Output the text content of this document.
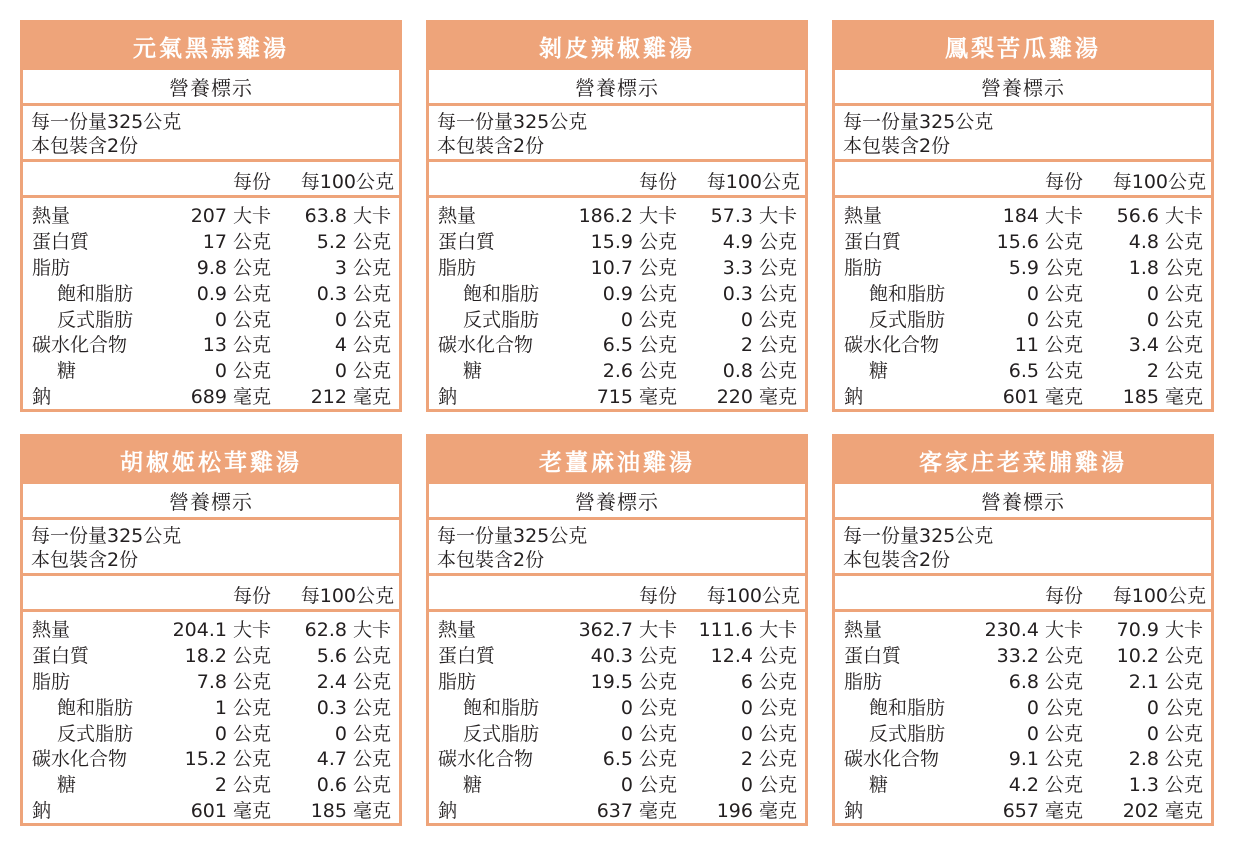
元氣黑蒜雞湯
營養標示
每一份量325公克
本包裝含2份
每份 每100公克
熱量	207 大卡 63.8 大卡
蛋白質	17 公克 5.2 公克
脂肪	9.8 公克	3 公克
飽和脂肪	0.9 公克 0.3 公克
反式脂肪	0 公克	0 公克
碳水化合物	13 公克	4 公克
糖	0 公克	0 公克
鈉	689 毫克 212 毫克
剝皮辣椒雞湯
營養標示
每一份量325公克
本包裝含2份
每份 每100公克
熱量	186.2 大卡 57.3 大卡
蛋白質	15.9 公克 4.9 公克
脂肪	10.7 公克 3.3 公克
飽和脂肪	0.9 公克 0.3 公克
反式脂肪	0 公克	0 公克
碳水化合物	6.5 公克	2 公克
糖	2.6 公克 0.8 公克
鈉	715 毫克 220 毫克
鳳梨苦瓜雞湯
營養標示
每一份量325公克
本包裝含2份
每份 每100公克
熱量	184 大卡 56.6 大卡
蛋白質	15.6 公克 4.8 公克
脂肪	5.9 公克 1.8 公克
飽和脂肪	0 公克	0 公克
反式脂肪	0 公克	0 公克
碳水化合物	11 公克 3.4 公克
糖	6.5 公克	2 公克
鈉	601 毫克 185 毫克
胡椒姬松茸雞湯
營養標示
每一份量325公克
本包裝含2份
每份 每100公克
熱量	204.1 大卡 62.8 大卡
蛋白質	18.2 公克 5.6 公克
脂肪	7.8 公克 2.4 公克
飽和脂肪	1 公克 0.3 公克
反式脂肪	0 公克	0 公克
碳水化合物	15.2 公克 4.7 公克
糖	2 公克 0.6 公克
鈉	601 毫克 185 毫克
老薑麻油雞湯
營養標示
每一份量325公克
本包裝含2份
每份 每100公克
熱量	362.7 大卡 111.6 大卡
蛋白質	40.3 公克 12.4 公克
脂肪	19.5 公克	6 公克
飽和脂肪	0 公克	0 公克
反式脂肪	0 公克	0 公克
碳水化合物	6.5 公克	2 公克
糖	0 公克	0 公克
鈉	637 毫克 196 毫克
客家庄老菜脯雞湯
營養標示
每一份量325公克
本包裝含2份
每份 每100公克
熱量	230.4 大卡 70.9 大卡
蛋白質	33.2 公克 10.2 公克
脂肪	6.8 公克 2.1 公克
飽和脂肪	0 公克	0 公克
反式脂肪	0 公克	0 公克
碳水化合物	9.1 公克 2.8 公克
糖	4.2 公克 1.3 公克
鈉	657 毫克 202 毫克
